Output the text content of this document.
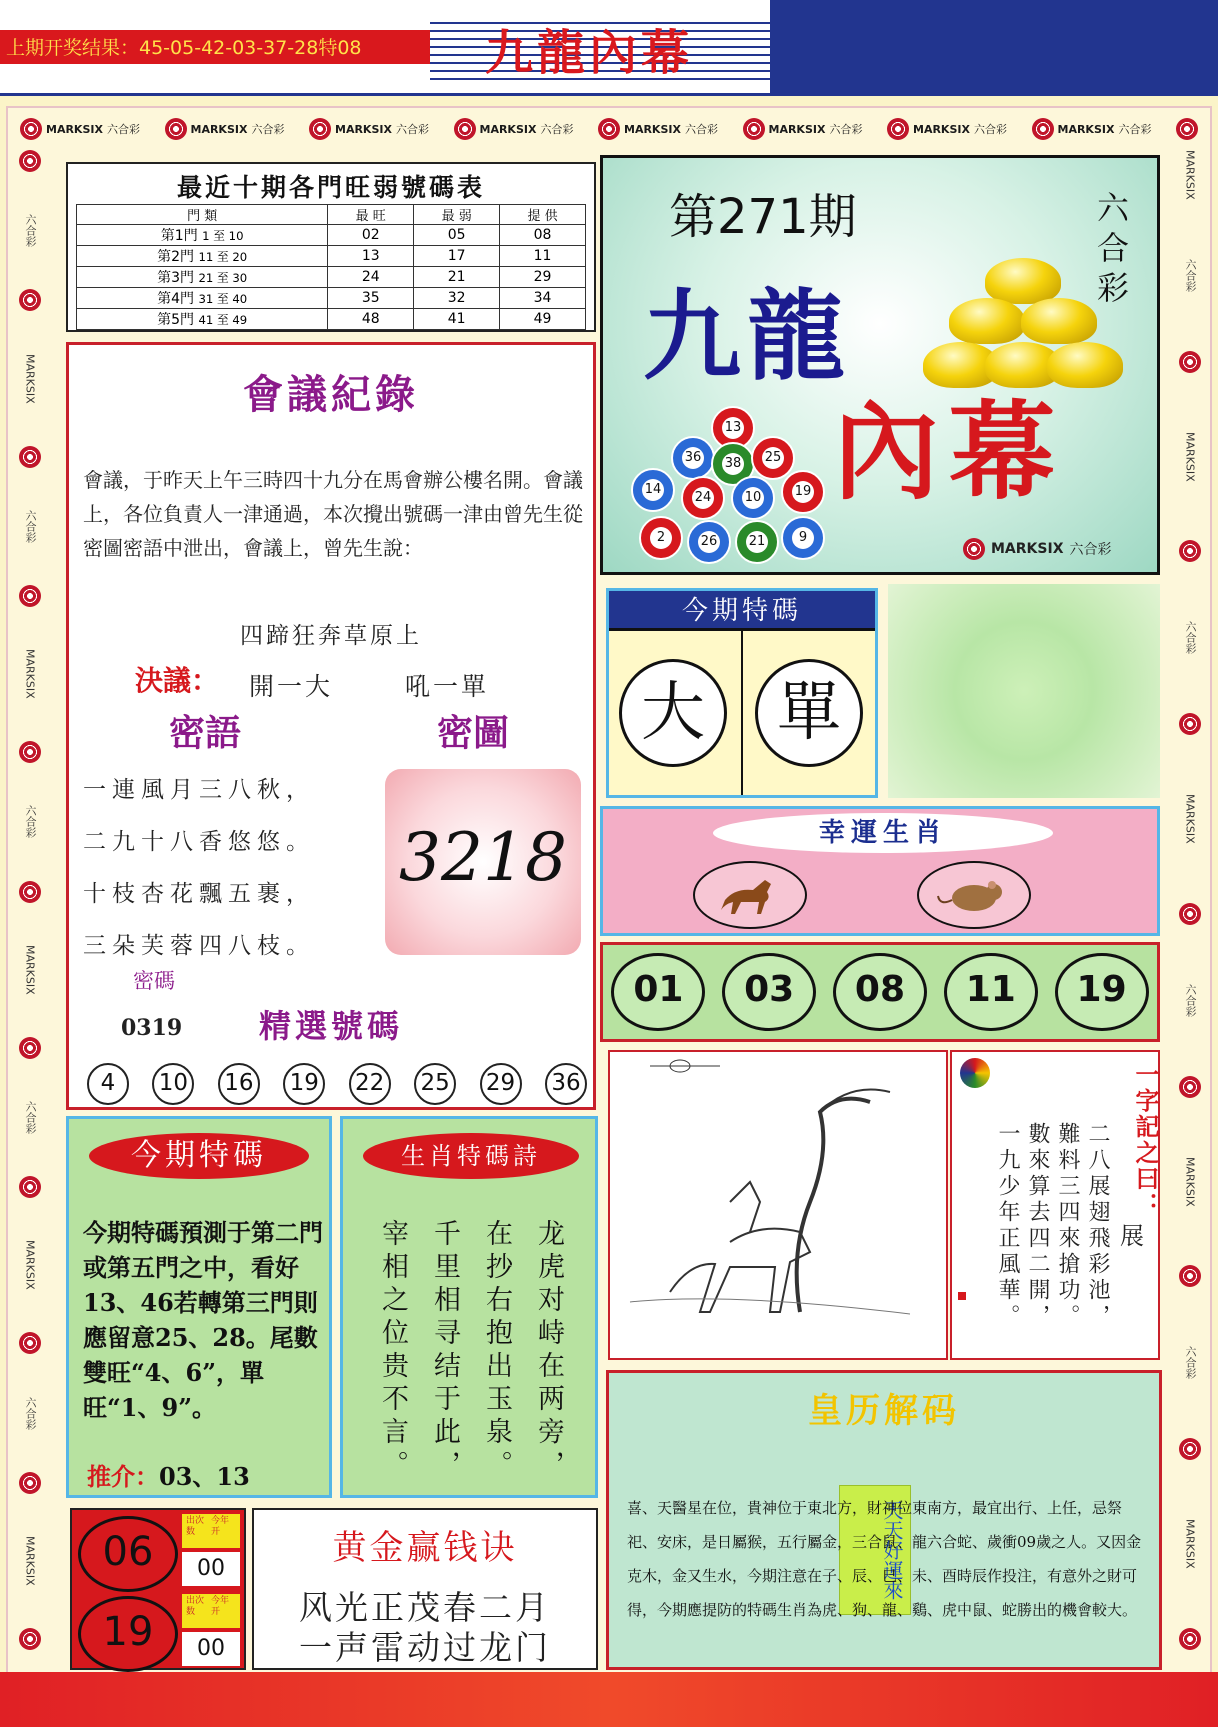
上期开奖结果：45-05-42-03-37-28特08	九龍內幕
MARKSIX 六合彩	MARKSIX 六合彩	MARKSIX 六合彩	MARKSIX 六合彩	MARKSIX 六合彩	MARKSIX 六合彩	MARKSIX 六合彩	MARKSIX 六合彩
六合彩
MARKSIX
六合彩
MARKSIX
六合彩
MARKSIX
六合彩
MARKSIX
六合彩
MARKSIX
MARKSIX
六合彩
MARKSIX
六合彩
MARKSIX
六合彩
MARKSIX
六合彩
MARKSIX
最近十期各門旺弱號碼表
門 類	最 旺	最 弱	提 供
第1門 1 至 10	02	05	08
第2門 11 至 20	13	17	11
第3門 21 至 30	24	21	29
第4門 31 至 40	35	32	34
第5門 41 至 49	48	41	49
會議紀錄
會議，于昨天上午三時四十九分在馬會辦公樓名開。會議上，各位負責人一津通過，本次攪出號碼一津由曾先生從密圖密語中泄出，會議上，曾先生說：
四蹄狂奔草原上
決議： 開一大	吼一單
密語	密圖
一連風月三八秋，
二九十八香悠悠。
十枝杏花飄五裹，
三朵芙蓉四八枝。
3218
密碼
0319 精選號碼
4	10 16 19 22 25 29 36
第271期	六合彩
九龍
內幕
13
36 38 25
14
24	10	19
2	26 21	9
MARKSIX 六合彩
今期特碼
大	單
幸運生肖
01	03	08	11	19
一字記之曰：
展
二八展翅飛彩池，
難料三四來搶功。
數來算去四二開，
一九少年正風華。
皇历解码
天天好運來
喜、天醫星在位，貴神位于東北方，財神位東南方，最宜出行、上任，忌祭祀、安床，是日屬猴，五行屬金，三合鼠、龍六合蛇、歲衝09歲之人。又因金克木，金又生水，今期注意在子、辰、巳、未、酉時辰作投注，有意外之財可得，今期應提防的特碼生肖為虎、狗、龍、鷄、虎中鼠、蛇勝出的機會較大。
今期特碼
今期特碼預測于第二門或第五門之中，看好13、46若轉第三門則應留意25、28。尾數雙旺“4、6”，單旺“1、9”。
推介：03、13
生肖特碼詩
龙虎对峙在两旁，
在抄右抱出玉泉。
千里相寻结于此，
宰相之位贵不言。
06
出次数
今年开
00
19
出次数
今年开
00
黄金赢钱诀
风光正茂春二月
一声雷动过龙门
